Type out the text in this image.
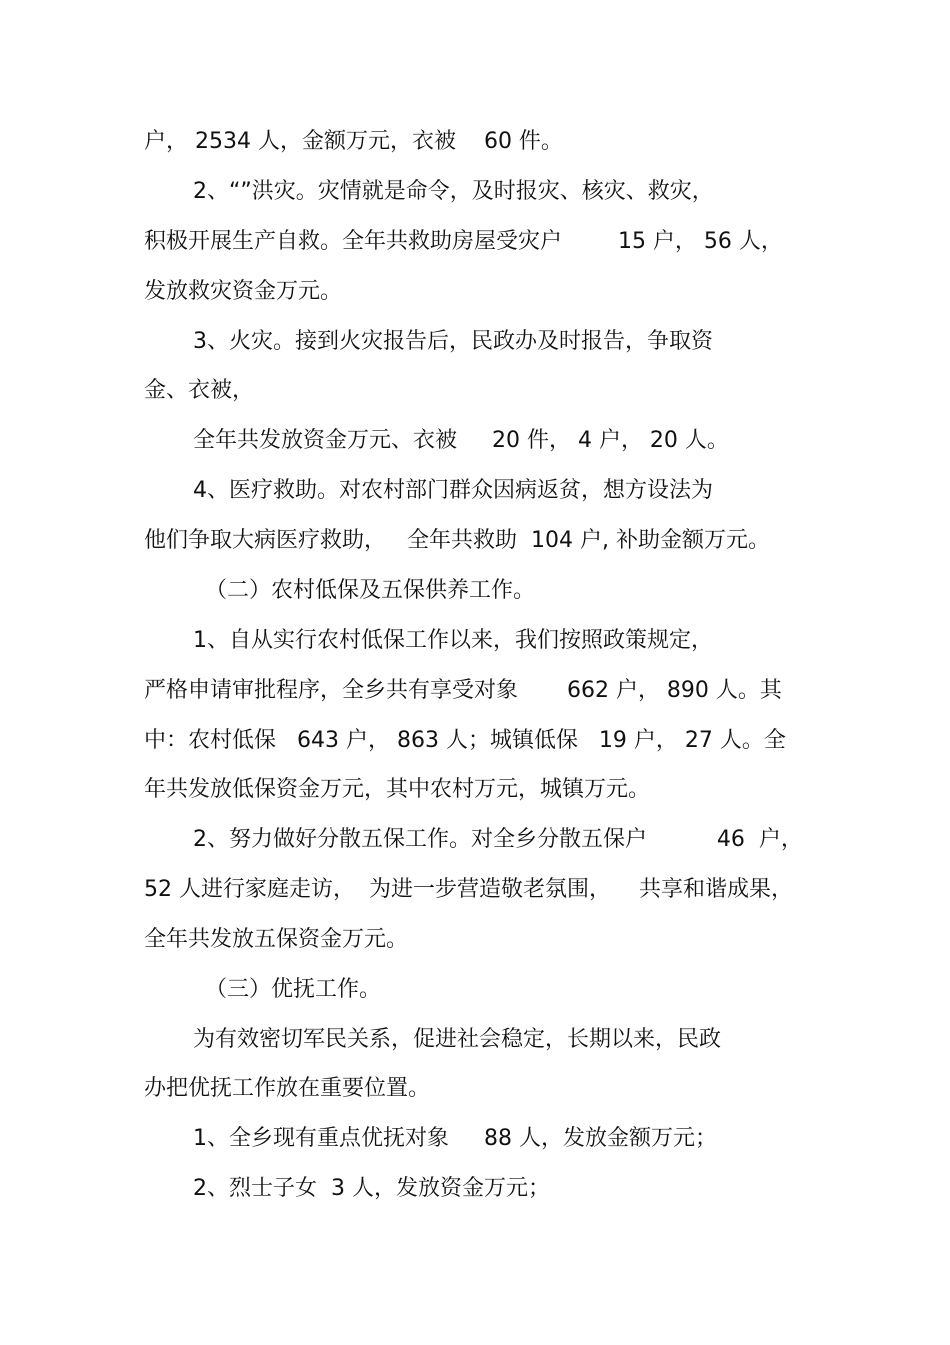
户， 2534 人，金额万元，衣被    60 件。

2、“”洪灾。灾情就是命令，及时报灾、核灾、救灾，

积极开展生产自救。全年共救助房屋受灾户        15 户， 56 人，

发放救灾资金万元。

3、火灾。接到火灾报告后，民政办及时报告，争取资

金、衣被，

全年共发放资金万元、衣被     20 件， 4 户， 20 人。

4、医疗救助。对农村部门群众因病返贫，想方设法为

他们争取大病医疗救助，   全年共救助  104 户, 补助金额万元。

（二）农村低保及五保供养工作。

1、自从实行农村低保工作以来，我们按照政策规定，

严格申请审批程序，全乡共有享受对象       662 户， 890 人。其

中：农村低保   643 户， 863 人；城镇低保   19 户， 27 人。全

年共发放低保资金万元，其中农村万元，城镇万元。

2、努力做好分散五保工作。对全乡分散五保户          46  户，

52 人进行家庭走访，  为进一步营造敬老氛围，    共享和谐成果，

全年共发放五保资金万元。

（三）优抚工作。

为有效密切军民关系，促进社会稳定，长期以来，民政

办把优抚工作放在重要位置。

1、全乡现有重点优抚对象     88 人，发放金额万元；

2、烈士子女  3 人，发放资金万元；
